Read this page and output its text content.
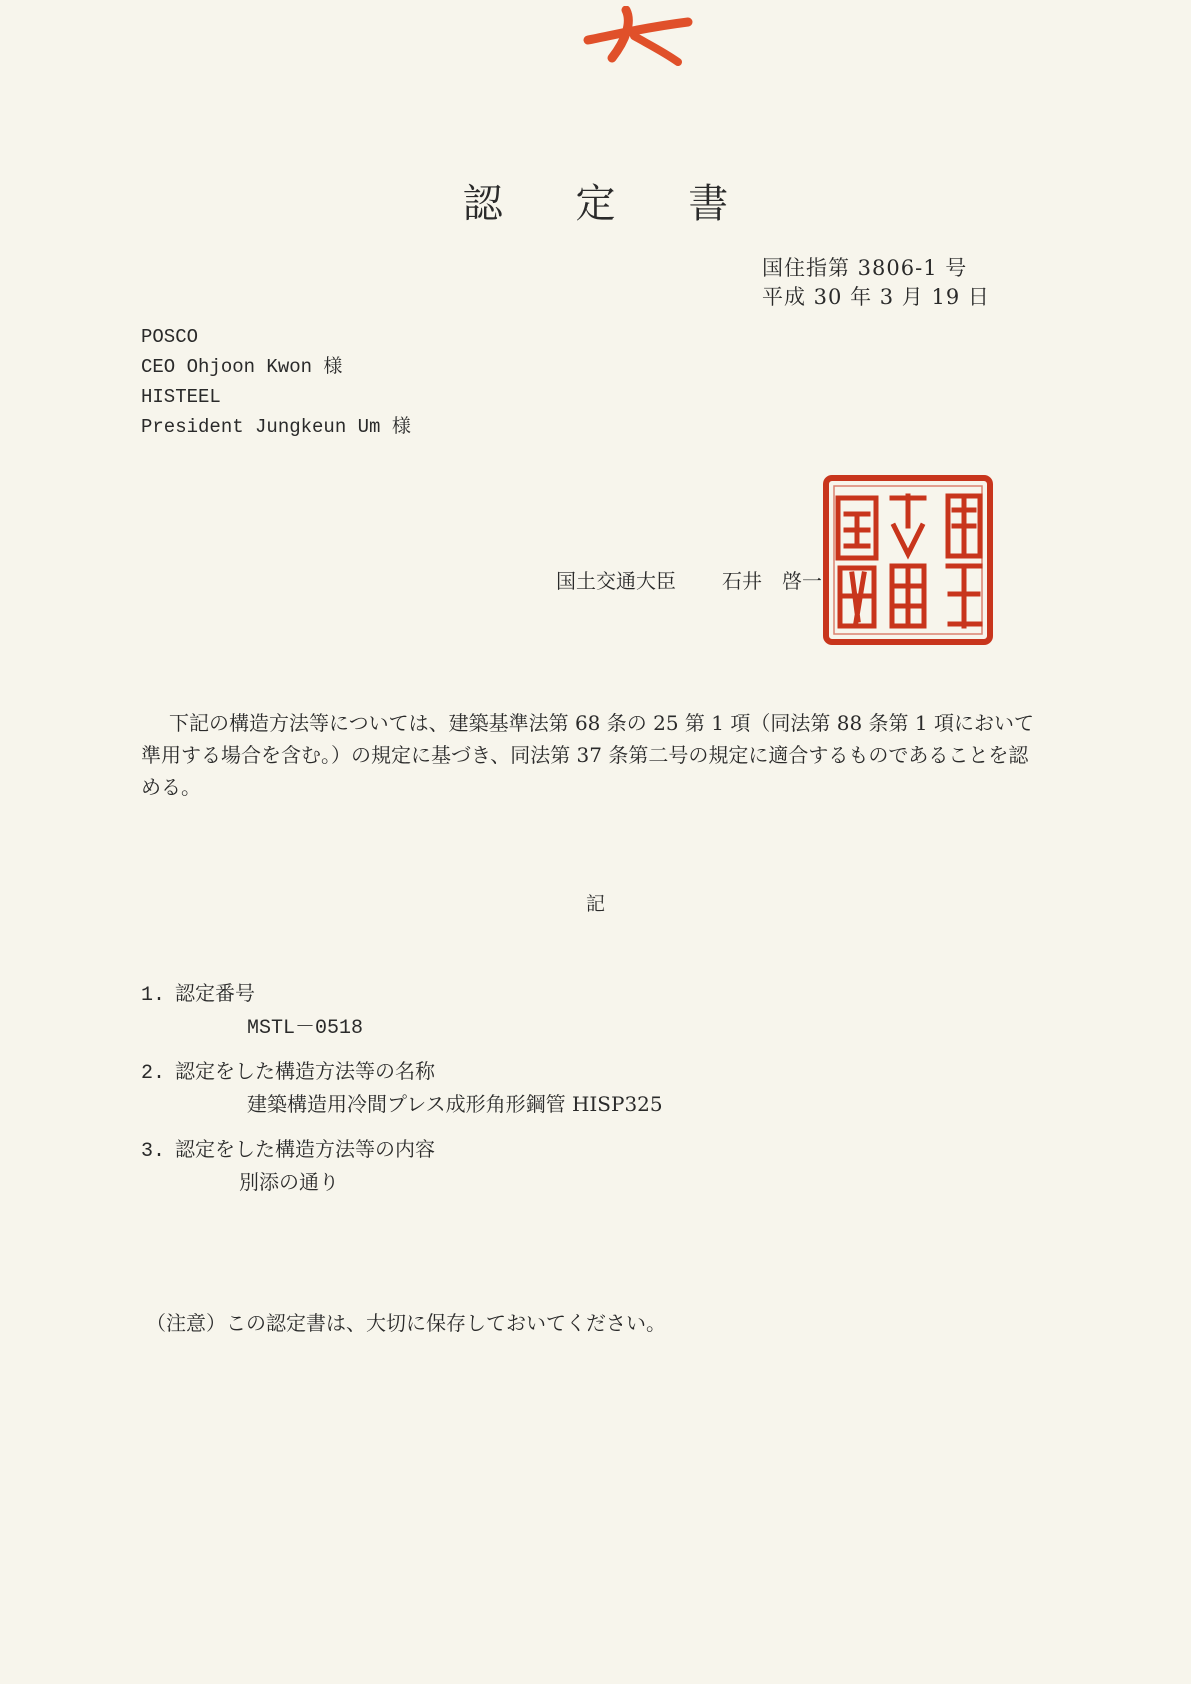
認 定 書
国住指第 3806-1 号
平成 30 年 3 月 19 日
POSCO
CEO Ohjoon Kwon 様
HISTEEL
President Jungkeun Um 様
国土交通大臣 石井　啓一

下記の構造方法等については、建築基準法第 68 条の 25 第 1 項（同法第 88 条第 1 項において準用する場合を含む。）の規定に基づき、同法第 37 条第二号の規定に適合するものであることを認める。

記
1. 認定番号
MSTL－0518
2. 認定をした構造方法等の名称
建築構造用冷間プレス成形角形鋼管 HISP325
3. 認定をした構造方法等の内容
別添の通り
（注意）この認定書は、大切に保存しておいてください。
